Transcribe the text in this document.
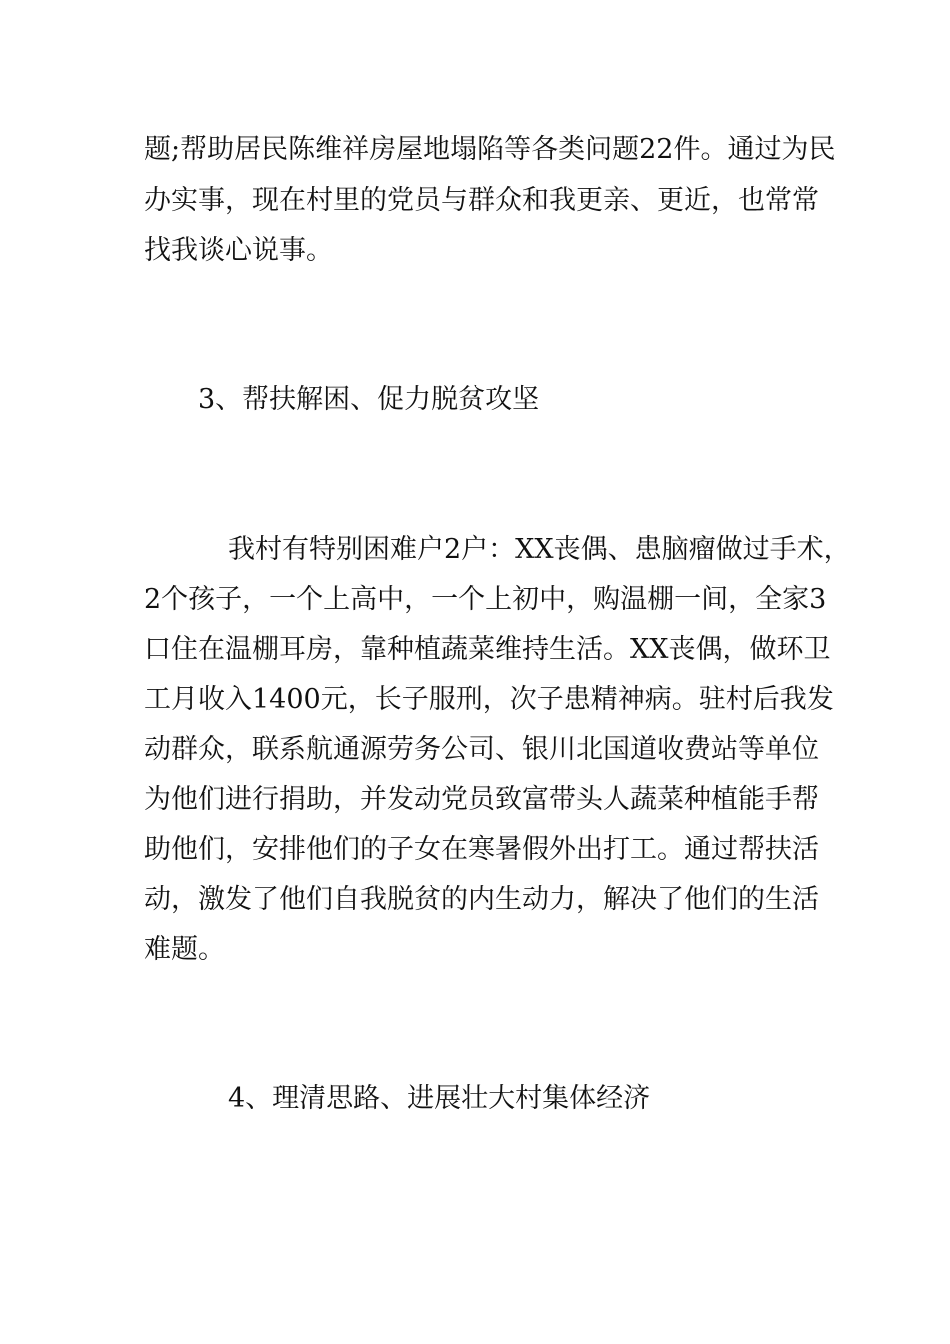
题;帮助居民陈维祥房屋地塌陷等各类问题22件。通过为民

办实事，现在村里的党员与群众和我更亲、更近，也常常

找我谈心说事。

3、帮扶解困、促力脱贫攻坚

我村有特别困难户2户：XX丧偶、患脑瘤做过手术，

2个孩子，一个上高中，一个上初中，购温棚一间，全家3

口住在温棚耳房，靠种植蔬菜维持生活。XX丧偶，做环卫

工月收入1400元，长子服刑，次子患精神病。驻村后我发

动群众，联系航通源劳务公司、银川北国道收费站等单位

为他们进行捐助，并发动党员致富带头人蔬菜种植能手帮

助他们，安排他们的子女在寒暑假外出打工。通过帮扶活

动，激发了他们自我脱贫的内生动力，解决了他们的生活

难题。

4、理清思路、进展壮大村集体经济
